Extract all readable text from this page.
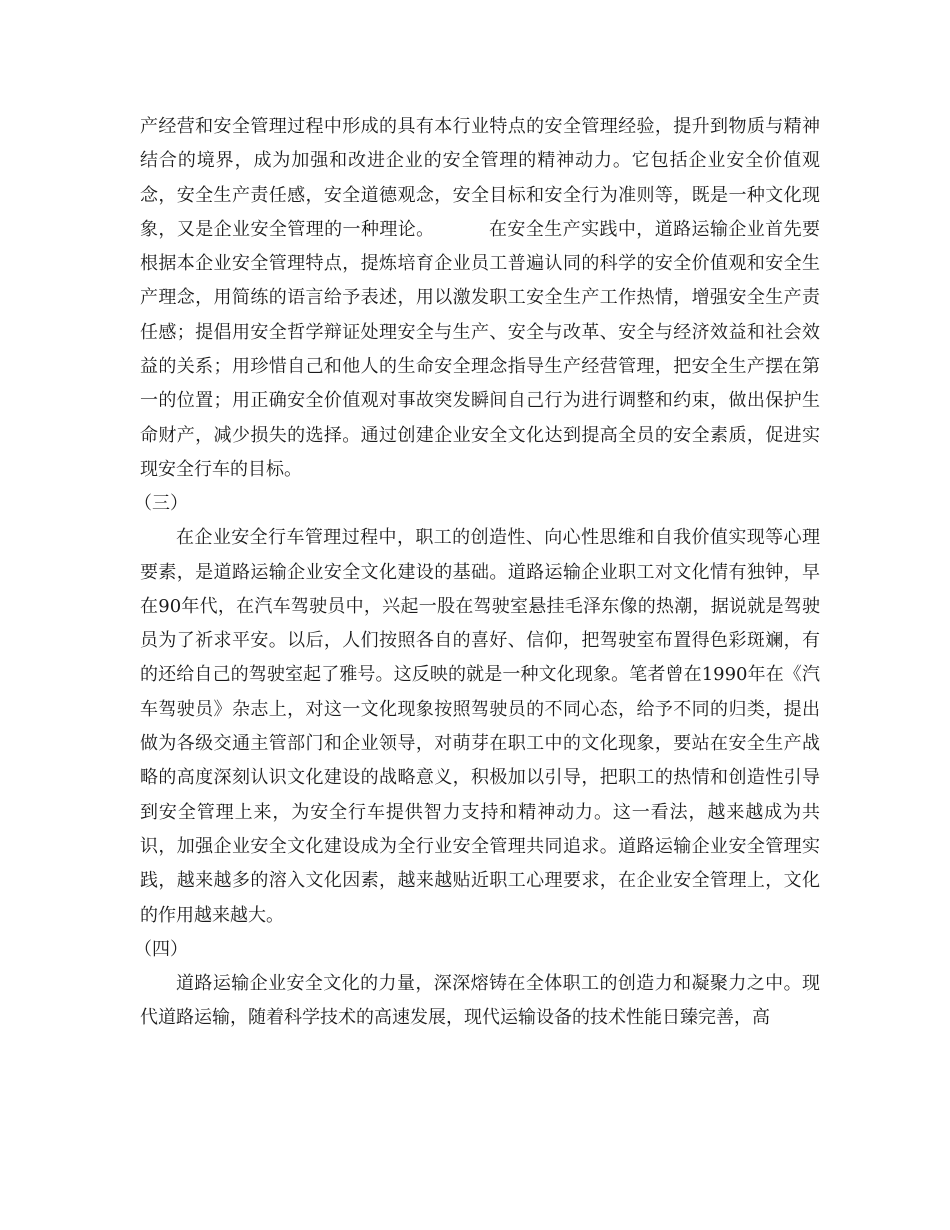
产经营和安全管理过程中形成的具有本行业特点的安全管理经验，提升到物质与精神结合的境界，成为加强和改进企业的安全管理的精神动力。它包括企业安全价值观念，安全生产责任感，安全道德观念，安全目标和安全行为准则等，既是一种文化现象，又是企业安全管理的一种理论。	在安全生产实践中，道路运输企业首先要根据本企业安全管理特点，提炼培育企业员工普遍认同的科学的安全价值观和安全生产理念，用简练的语言给予表述，用以激发职工安全生产工作热情，增强安全生产责任感；提倡用安全哲学辩证处理安全与生产、安全与改革、安全与经济效益和社会效益的关系；用珍惜自己和他人的生命安全理念指导生产经营管理，把安全生产摆在第一的位置；用正确安全价值观对事故突发瞬间自己行为进行调整和约束，做出保护生命财产，减少损失的选择。通过创建企业安全文化达到提高全员的安全素质，促进实现安全行车的目标。

（三）

在企业安全行车管理过程中，职工的创造性、向心性思维和自我价值实现等心理要素，是道路运输企业安全文化建设的基础。道路运输企业职工对文化情有独钟，早在90年代，在汽车驾驶员中，兴起一股在驾驶室悬挂毛泽东像的热潮，据说就是驾驶员为了祈求平安。以后，人们按照各自的喜好、信仰，把驾驶室布置得色彩斑斓，有的还给自己的驾驶室起了雅号。这反映的就是一种文化现象。笔者曾在1990年在《汽车驾驶员》杂志上，对这一文化现象按照驾驶员的不同心态，给予不同的归类，提出做为各级交通主管部门和企业领导，对萌芽在职工中的文化现象，要站在安全生产战略的高度深刻认识文化建设的战略意义，积极加以引导，把职工的热情和创造性引导到安全管理上来，为安全行车提供智力支持和精神动力。这一看法，越来越成为共识，加强企业安全文化建设成为全行业安全管理共同追求。道路运输企业安全管理实践，越来越多的溶入文化因素，越来越贴近职工心理要求，在企业安全管理上，文化的作用越来越大。

（四）

道路运输企业安全文化的力量，深深熔铸在全体职工的创造力和凝聚力之中。现代道路运输，随着科学技术的高速发展，现代运输设备的技术性能日臻完善，高
